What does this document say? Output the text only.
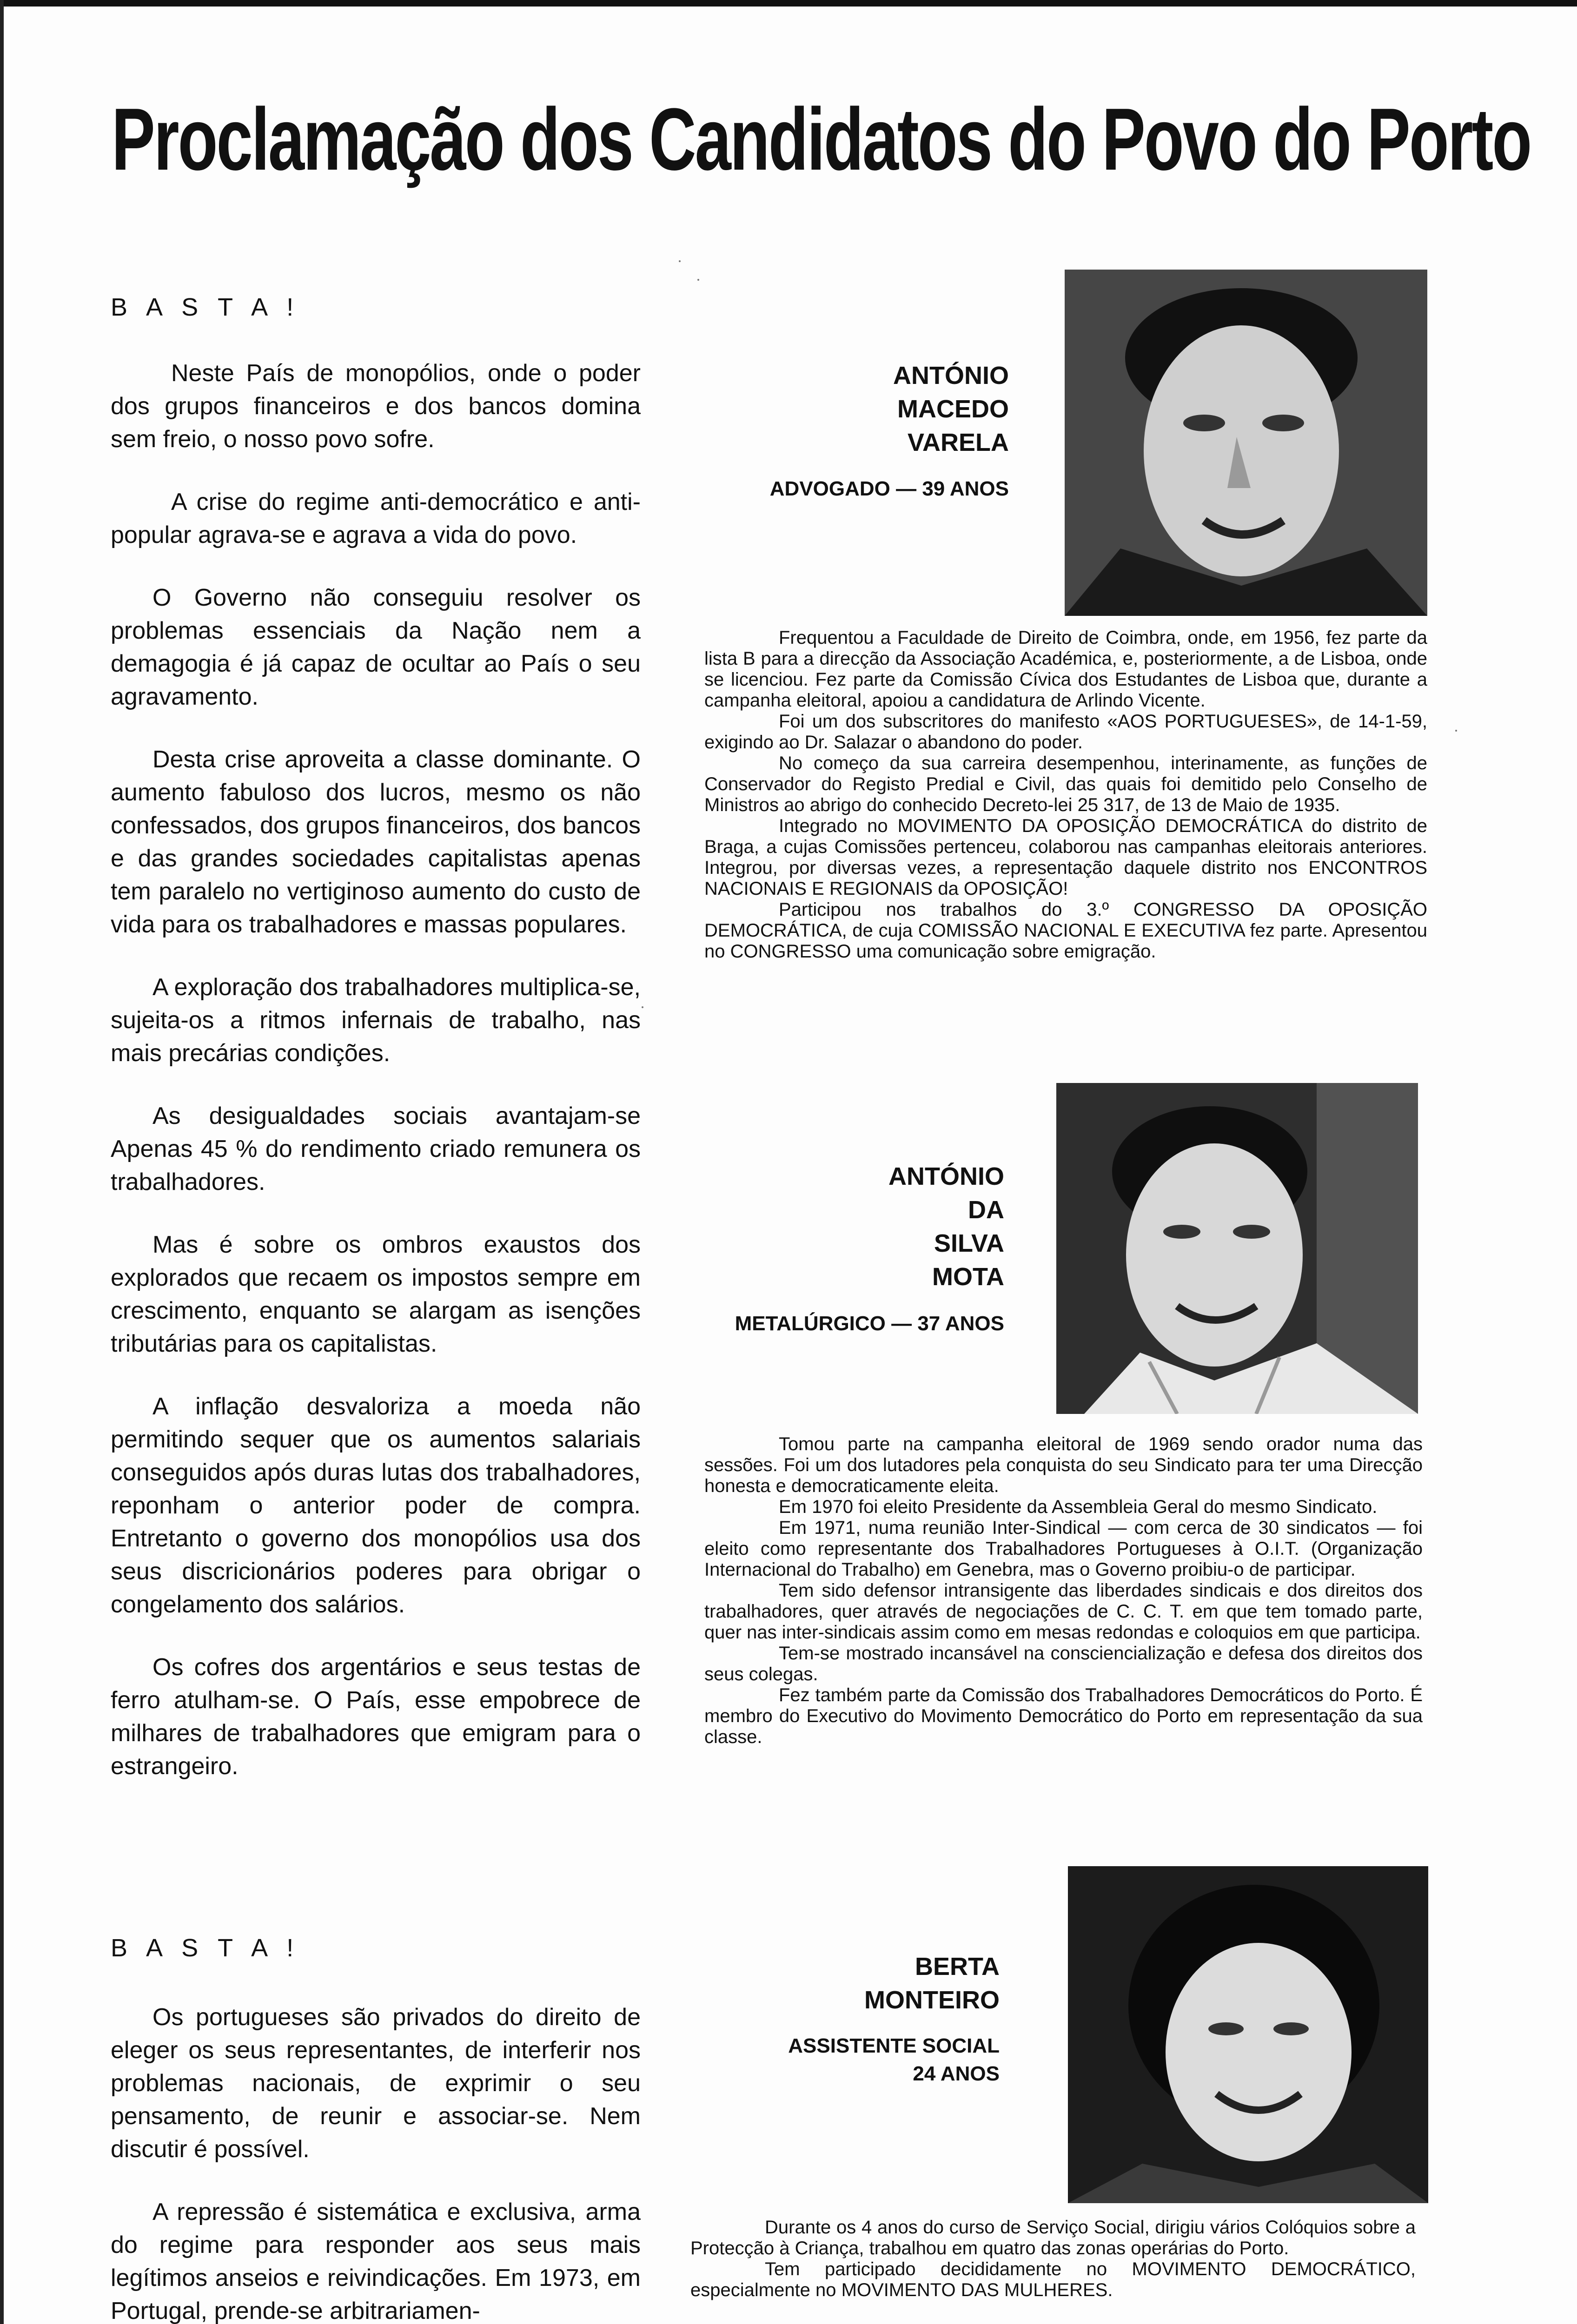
Proclamação dos Candidatos do Povo do Porto
B A S T A !

Neste País de monopólios, onde o poder dos grupos financeiros e dos bancos domina sem freio, o nosso povo sofre.

A crise do regime anti-democrático e anti-popular agrava-se e agrava a vida do povo.

O Governo não conseguiu resolver os problemas essenciais da Nação nem a demagogia é já capaz de ocultar ao País o seu agravamento.

Desta crise aproveita a classe dominante. O aumento fabuloso dos lucros, mesmo os não confessados, dos grupos financeiros, dos bancos e das grandes sociedades capitalistas apenas tem paralelo no vertiginoso aumento do custo de vida para os trabalhadores e massas populares.

A exploração dos trabalhadores multiplica-se, sujeita-os a ritmos infernais de trabalho, nas mais precárias condições.

As desigualdades sociais avantajam-se Apenas 45 % do rendimento criado remunera os trabalhadores.

Mas é sobre os ombros exaustos dos explorados que recaem os impostos sempre em crescimento, enquanto se alargam as isenções tributárias para os capitalistas.

A inflação desvaloriza a moeda não permitindo sequer que os aumentos salariais conseguidos após duras lutas dos trabalhadores, reponham o anterior poder de compra. Entretanto o governo dos monopólios usa dos seus discricionários poderes para obrigar o congelamento dos salários.

Os cofres dos argentários e seus testas de ferro atulham-se. O País, esse empobrece de milhares de trabalhadores que emigram para o estrangeiro.

B A S T A !

Os portugueses são privados do direito de eleger os seus representantes, de interferir nos problemas nacionais, de exprimir o seu pensamento, de reunir e associar-se. Nem discutir é possível.

A repressão é sistemática e exclusiva, arma do regime para responder aos seus mais legítimos anseios e reivindicações. Em 1973, em Portugal, prende-se arbitrariamen-

ANTÓNIO
MACEDO
VARELA
ADVOGADO — 39 ANOS

Frequentou a Faculdade de Direito de Coimbra, onde, em 1956, fez parte da lista B para a direcção da Associação Académica, e, posteriormente, a de Lisboa, onde se licenciou. Fez parte da Comissão Cívica dos Estudantes de Lisboa que, durante a campanha eleitoral, apoiou a candidatura de Arlindo Vicente.

Foi um dos subscritores do manifesto «AOS PORTUGUESES», de 14-1-59, exigindo ao Dr. Salazar o abandono do poder.

No começo da sua carreira desempenhou, interinamente, as funções de Conservador do Registo Predial e Civil, das quais foi demitido pelo Conselho de Ministros ao abrigo do conhecido Decreto-lei 25 317, de 13 de Maio de 1935.

Integrado no MOVIMENTO DA OPOSIÇÃO DEMOCRÁTICA do distrito de Braga, a cujas Comissões pertenceu, colaborou nas campanhas eleitorais anteriores. Integrou, por diversas vezes, a representação daquele distrito nos ENCONTROS NACIONAIS E REGIONAIS da OPOSIÇÃO!

Participou nos trabalhos do 3.º CONGRESSO DA OPOSIÇÃO DEMOCRÁTICA, de cuja COMISSÃO NACIONAL E EXECUTIVA fez parte. Apresentou no CONGRESSO uma comunicação sobre emigração.

ANTÓNIO
DA
SILVA
MOTA
METALÚRGICO — 37 ANOS

Tomou parte na campanha eleitoral de 1969 sendo orador numa das sessões. Foi um dos lutadores pela conquista do seu Sindicato para ter uma Direcção honesta e democraticamente eleita.

Em 1970 foi eleito Presidente da Assembleia Geral do mesmo Sindicato.

Em 1971, numa reunião Inter-Sindical — com cerca de 30 sindicatos — foi eleito como representante dos Trabalhadores Portugueses à O.I.T. (Organização Internacional do Trabalho) em Genebra, mas o Governo proibiu-o de participar.

Tem sido defensor intransigente das liberdades sindicais e dos direitos dos trabalhadores, quer através de negociações de C. C. T. em que tem tomado parte, quer nas inter-sindicais assim como em mesas redondas e coloquios em que participa.

Tem-se mostrado incansável na consciencialização e defesa dos direitos dos seus colegas.

Fez também parte da Comissão dos Trabalhadores Democráticos do Porto. É membro do Executivo do Movimento Democrático do Porto em representação da sua classe.

BERTA
MONTEIRO
ASSISTENTE SOCIAL
24 ANOS

Durante os 4 anos do curso de Serviço Social, dirigiu vários Colóquios sobre a Protecção à Criança, trabalhou em quatro das zonas operárias do Porto.

Tem participado decididamente no MOVIMENTO DEMOCRÁTICO, especialmente no MOVIMENTO DAS MULHERES.
